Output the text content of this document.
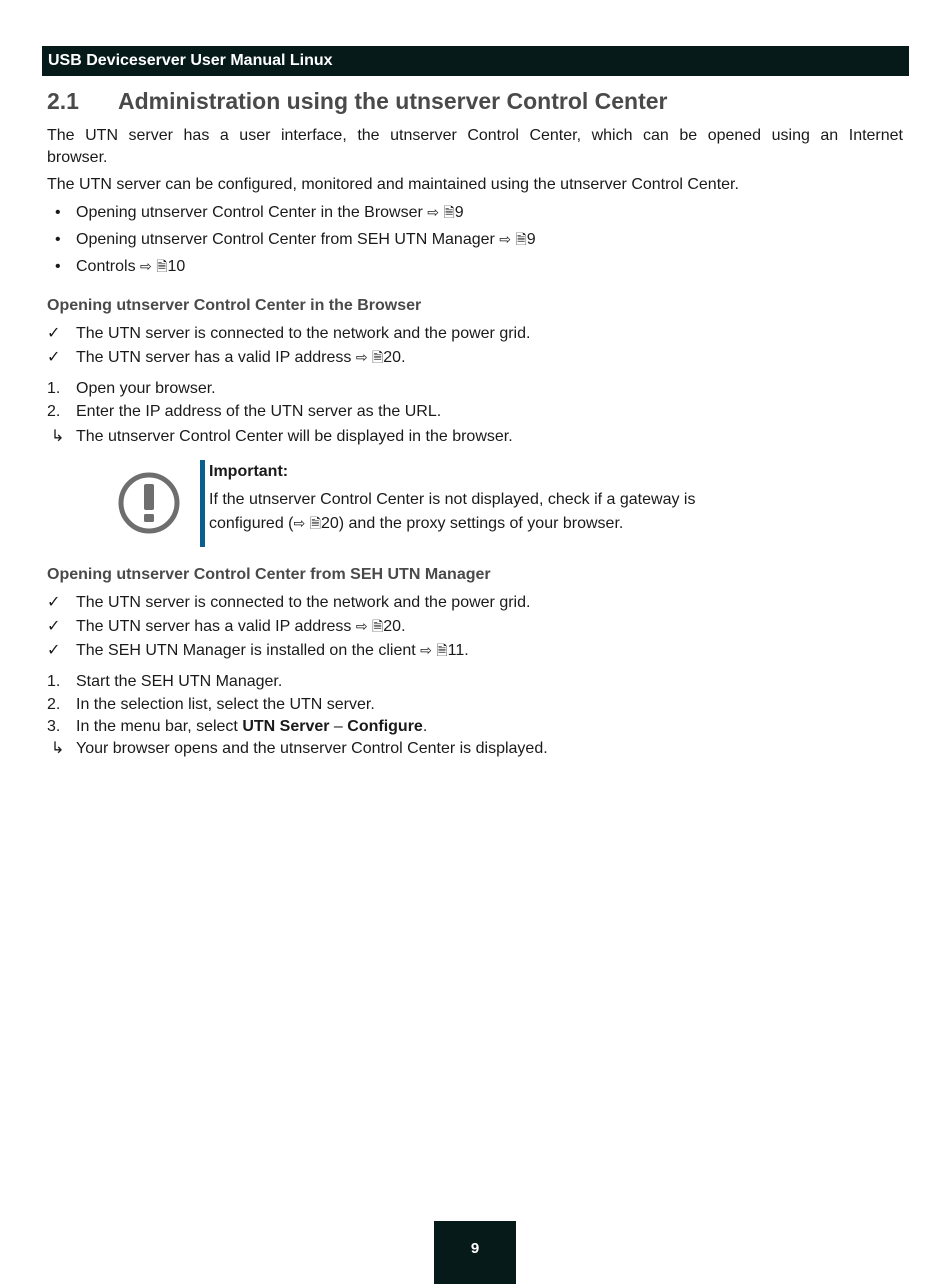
USB Deviceserver User Manual Linux
2.1 Administration using the utnserver Control Center
The UTN server has a user interface, the utnserver Control Center, which can be opened using an Internet
browser.
The UTN server can be configured, monitored and maintained using the utnserver Control Center.
• Opening utnserver Control Center in the Browser ⇨ 🗎9
• Opening utnserver Control Center from SEH UTN Manager ⇨ 🗎9
• Controls ⇨ 🗎10
Opening utnserver Control Center in the Browser
✓ The UTN server is connected to the network and the power grid.
✓ The UTN server has a valid IP address ⇨ 🗎20.
1. Open your browser.
2. Enter the IP address of the UTN server as the URL.
↳ The utnserver Control Center will be displayed in the browser.
Important:
If the utnserver Control Center is not displayed, check if a gateway is
configured (⇨ 🗎20) and the proxy settings of your browser.
Opening utnserver Control Center from SEH UTN Manager
✓ The UTN server is connected to the network and the power grid.
✓ The UTN server has a valid IP address ⇨ 🗎20.
✓ The SEH UTN Manager is installed on the client ⇨ 🗎11.
1. Start the SEH UTN Manager.
2. In the selection list, select the UTN server.
3. In the menu bar, select UTN Server – Configure.
↳ Your browser opens and the utnserver Control Center is displayed.
9
